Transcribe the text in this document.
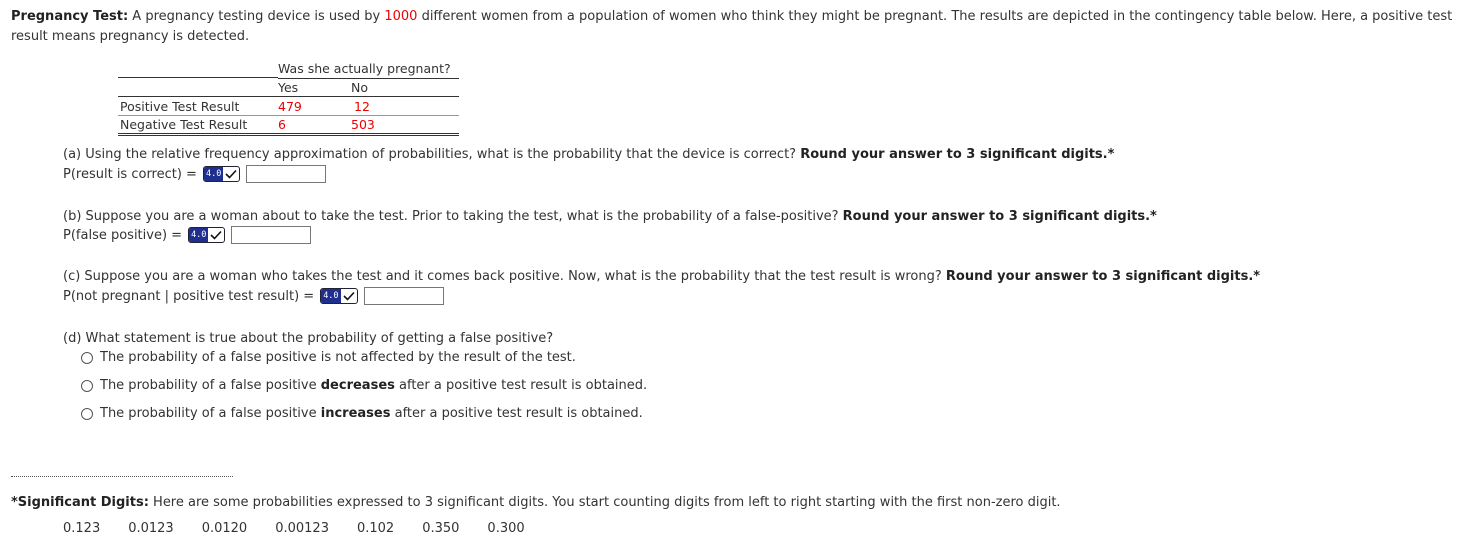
Pregnancy Test: A pregnancy testing device is used by 1000 different women from a population of women who think they might be pregnant. The results are depicted in the contingency table below. Here, a positive test result means pregnancy is detected.
Was she actually pregnant?
Yes	No
Positive Test Result	479	12
Negative Test Result 6	503
(a) Using the relative frequency approximation of probabilities, what is the probability that the device is correct? Round your answer to 3 significant digits.*
P(result is correct) = 4.0
(b) Suppose you are a woman about to take the test. Prior to taking the test, what is the probability of a false-positive? Round your answer to 3 significant digits.*
P(false positive) = 4.0
(c) Suppose you are a woman who takes the test and it comes back positive. Now, what is the probability that the test result is wrong? Round your answer to 3 significant digits.*
P(not pregnant | positive test result) = 4.0
(d) What statement is true about the probability of getting a false positive?
The probability of a false positive is not affected by the result of the test.
The probability of a false positive decreases after a positive test result is obtained.
The probability of a false positive increases after a positive test result is obtained.
*Significant Digits: Here are some probabilities expressed to 3 significant digits. You start counting digits from left to right starting with the first non-zero digit.
0.123 0.0123 0.0120 0.00123 0.102 0.350 0.300
